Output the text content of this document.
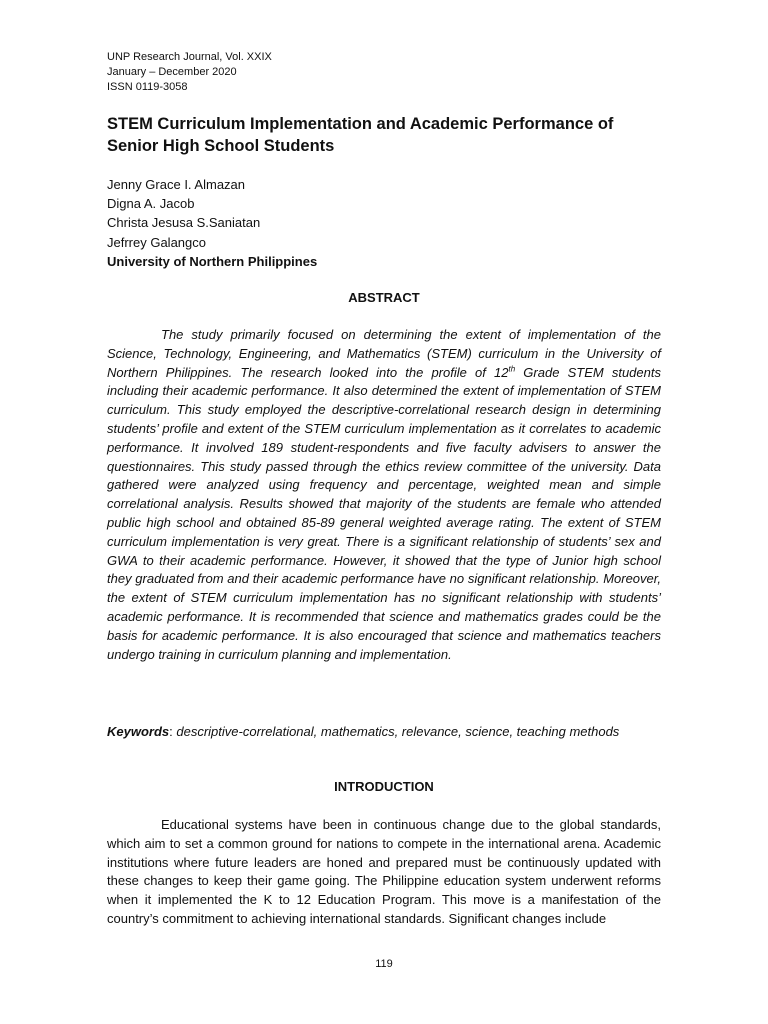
UNP Research Journal, Vol. XXIX
January – December 2020
ISSN 0119-3058
STEM Curriculum Implementation and Academic Performance of Senior High School Students
Jenny Grace I. Almazan
Digna A. Jacob
Christa Jesusa S.Saniatan
Jefrrey Galangco
University of Northern Philippines
ABSTRACT

The study primarily focused on determining the extent of implementation of the Science, Technology, Engineering, and Mathematics (STEM) curriculum in the University of Northern Philippines. The research looked into the profile of 12th Grade STEM students including their academic performance. It also determined the extent of implementation of STEM curriculum. This study employed the descriptive-correlational research design in determining students’ profile and extent of the STEM curriculum implementation as it correlates to academic performance. It involved 189 student-respondents and five faculty advisers to answer the questionnaires. This study passed through the ethics review committee of the university. Data gathered were analyzed using frequency and percentage, weighted mean and simple correlational analysis. Results showed that majority of the students are female who attended public high school and obtained 85-89 general weighted average rating. The extent of STEM curriculum implementation is very great. There is a significant relationship of students’ sex and GWA to their academic performance. However, it showed that the type of Junior high school they graduated from and their academic performance have no significant relationship. Moreover, the extent of STEM curriculum implementation has no significant relationship with students’ academic performance. It is recommended that science and mathematics grades could be the basis for academic performance. It is also encouraged that science and mathematics teachers undergo training in curriculum planning and implementation.

Keywords: descriptive-correlational, mathematics, relevance, science, teaching methods
INTRODUCTION

Educational systems have been in continuous change due to the global standards, which aim to set a common ground for nations to compete in the international arena. Academic institutions where future leaders are honed and prepared must be continuously updated with these changes to keep their game going. The Philippine education system underwent reforms when it implemented the K to 12 Education Program. This move is a manifestation of the country’s commitment to achieving international standards. Significant changes include

119
